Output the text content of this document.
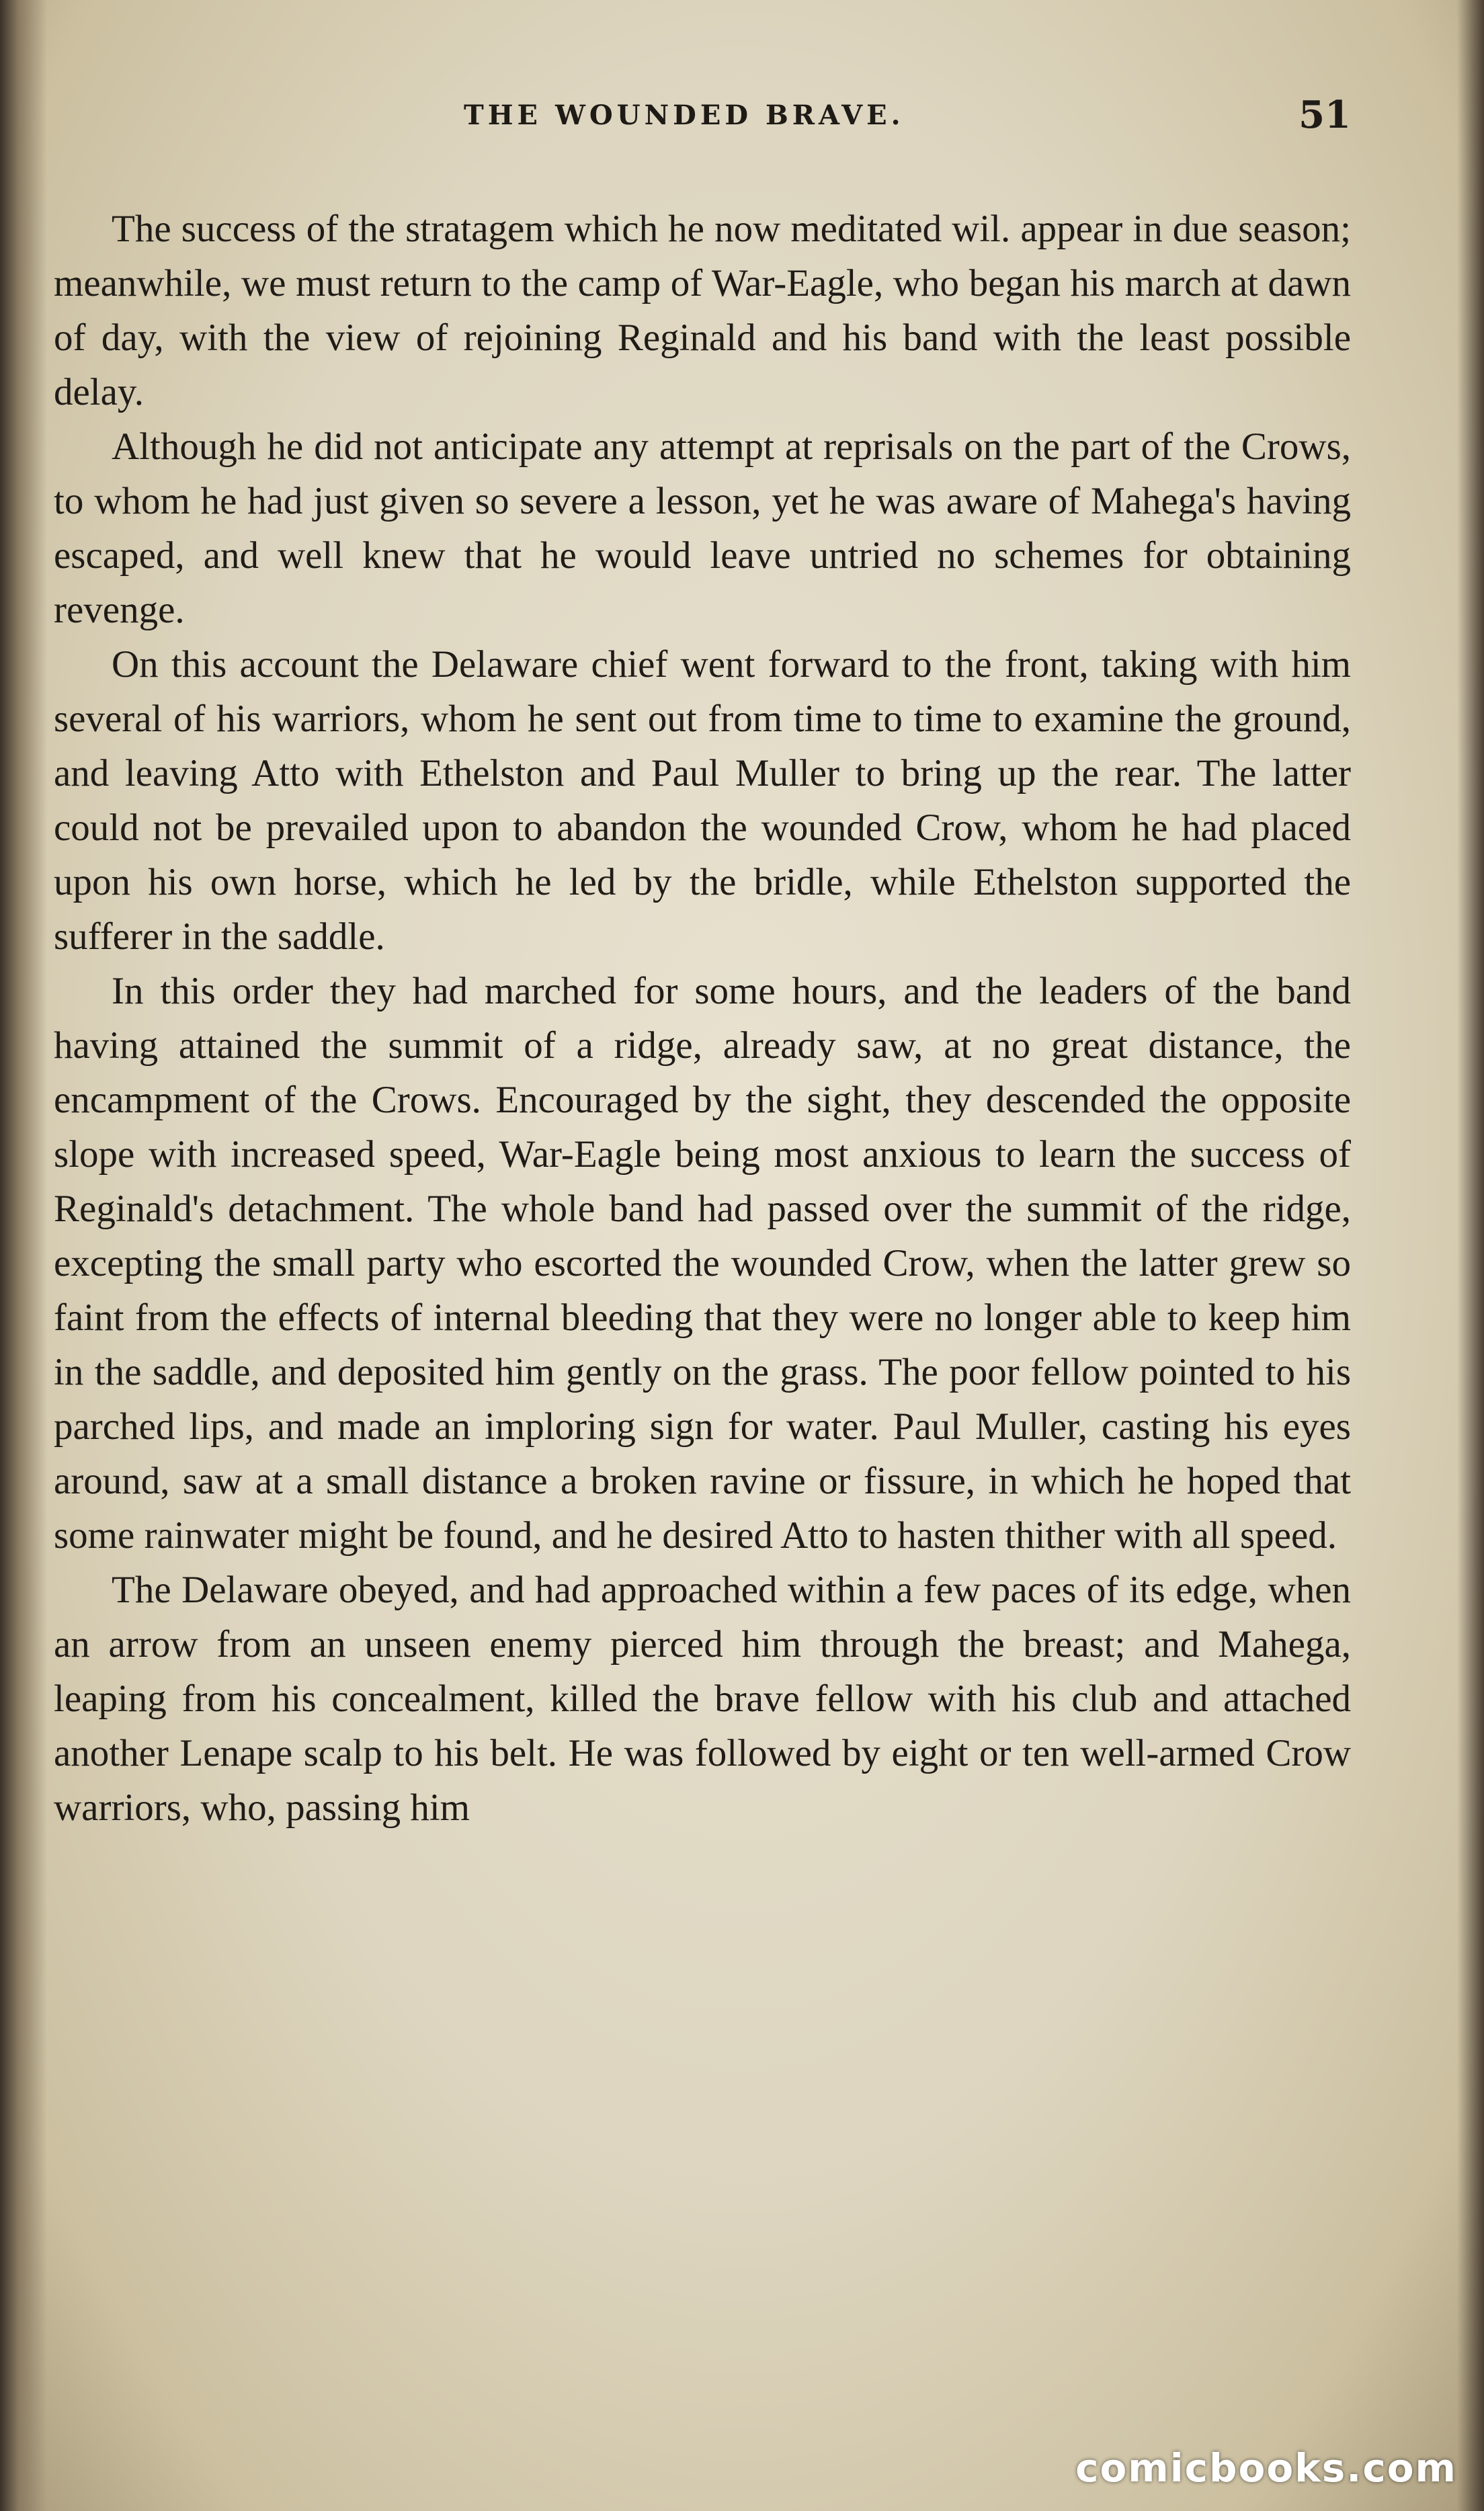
THE WOUNDED BRAVE.	51

The success of the stratagem which he now meditated wil. appear in due season; meanwhile, we must return to the camp of War-Eagle, who began his march at dawn of day, with the view of rejoining Reginald and his band with the least possible delay.

Although he did not anticipate any attempt at reprisals on the part of the Crows, to whom he had just given so severe a lesson, yet he was aware of Mahega's having escaped, and well knew that he would leave untried no schemes for obtaining revenge.

On this account the Delaware chief went forward to the front, taking with him several of his warriors, whom he sent out from time to time to examine the ground, and leaving Atto with Ethelston and Paul Muller to bring up the rear. The latter could not be prevailed upon to abandon the wounded Crow, whom he had placed upon his own horse, which he led by the bridle, while Ethelston supported the sufferer in the saddle.

In this order they had marched for some hours, and the leaders of the band having attained the summit of a ridge, already saw, at no great distance, the encampment of the Crows. Encouraged by the sight, they descended the opposite slope with increased speed, War-Eagle being most anxious to learn the success of Reginald's detachment. The whole band had passed over the summit of the ridge, excepting the small party who escorted the wounded Crow, when the latter grew so faint from the effects of internal bleeding that they were no longer able to keep him in the saddle, and deposited him gently on the grass. The poor fellow pointed to his parched lips, and made an imploring sign for water. Paul Muller, casting his eyes around, saw at a small distance a broken ravine or fissure, in which he hoped that some rainwater might be found, and he desired Atto to hasten thither with all speed.

The Delaware obeyed, and had approached within a few paces of its edge, when an arrow from an unseen enemy pierced him through the breast; and Mahega, leaping from his concealment, killed the brave fellow with his club and attached another Lenape scalp to his belt. He was followed by eight or ten well-armed Crow warriors, who, passing him

comicbooks.com
